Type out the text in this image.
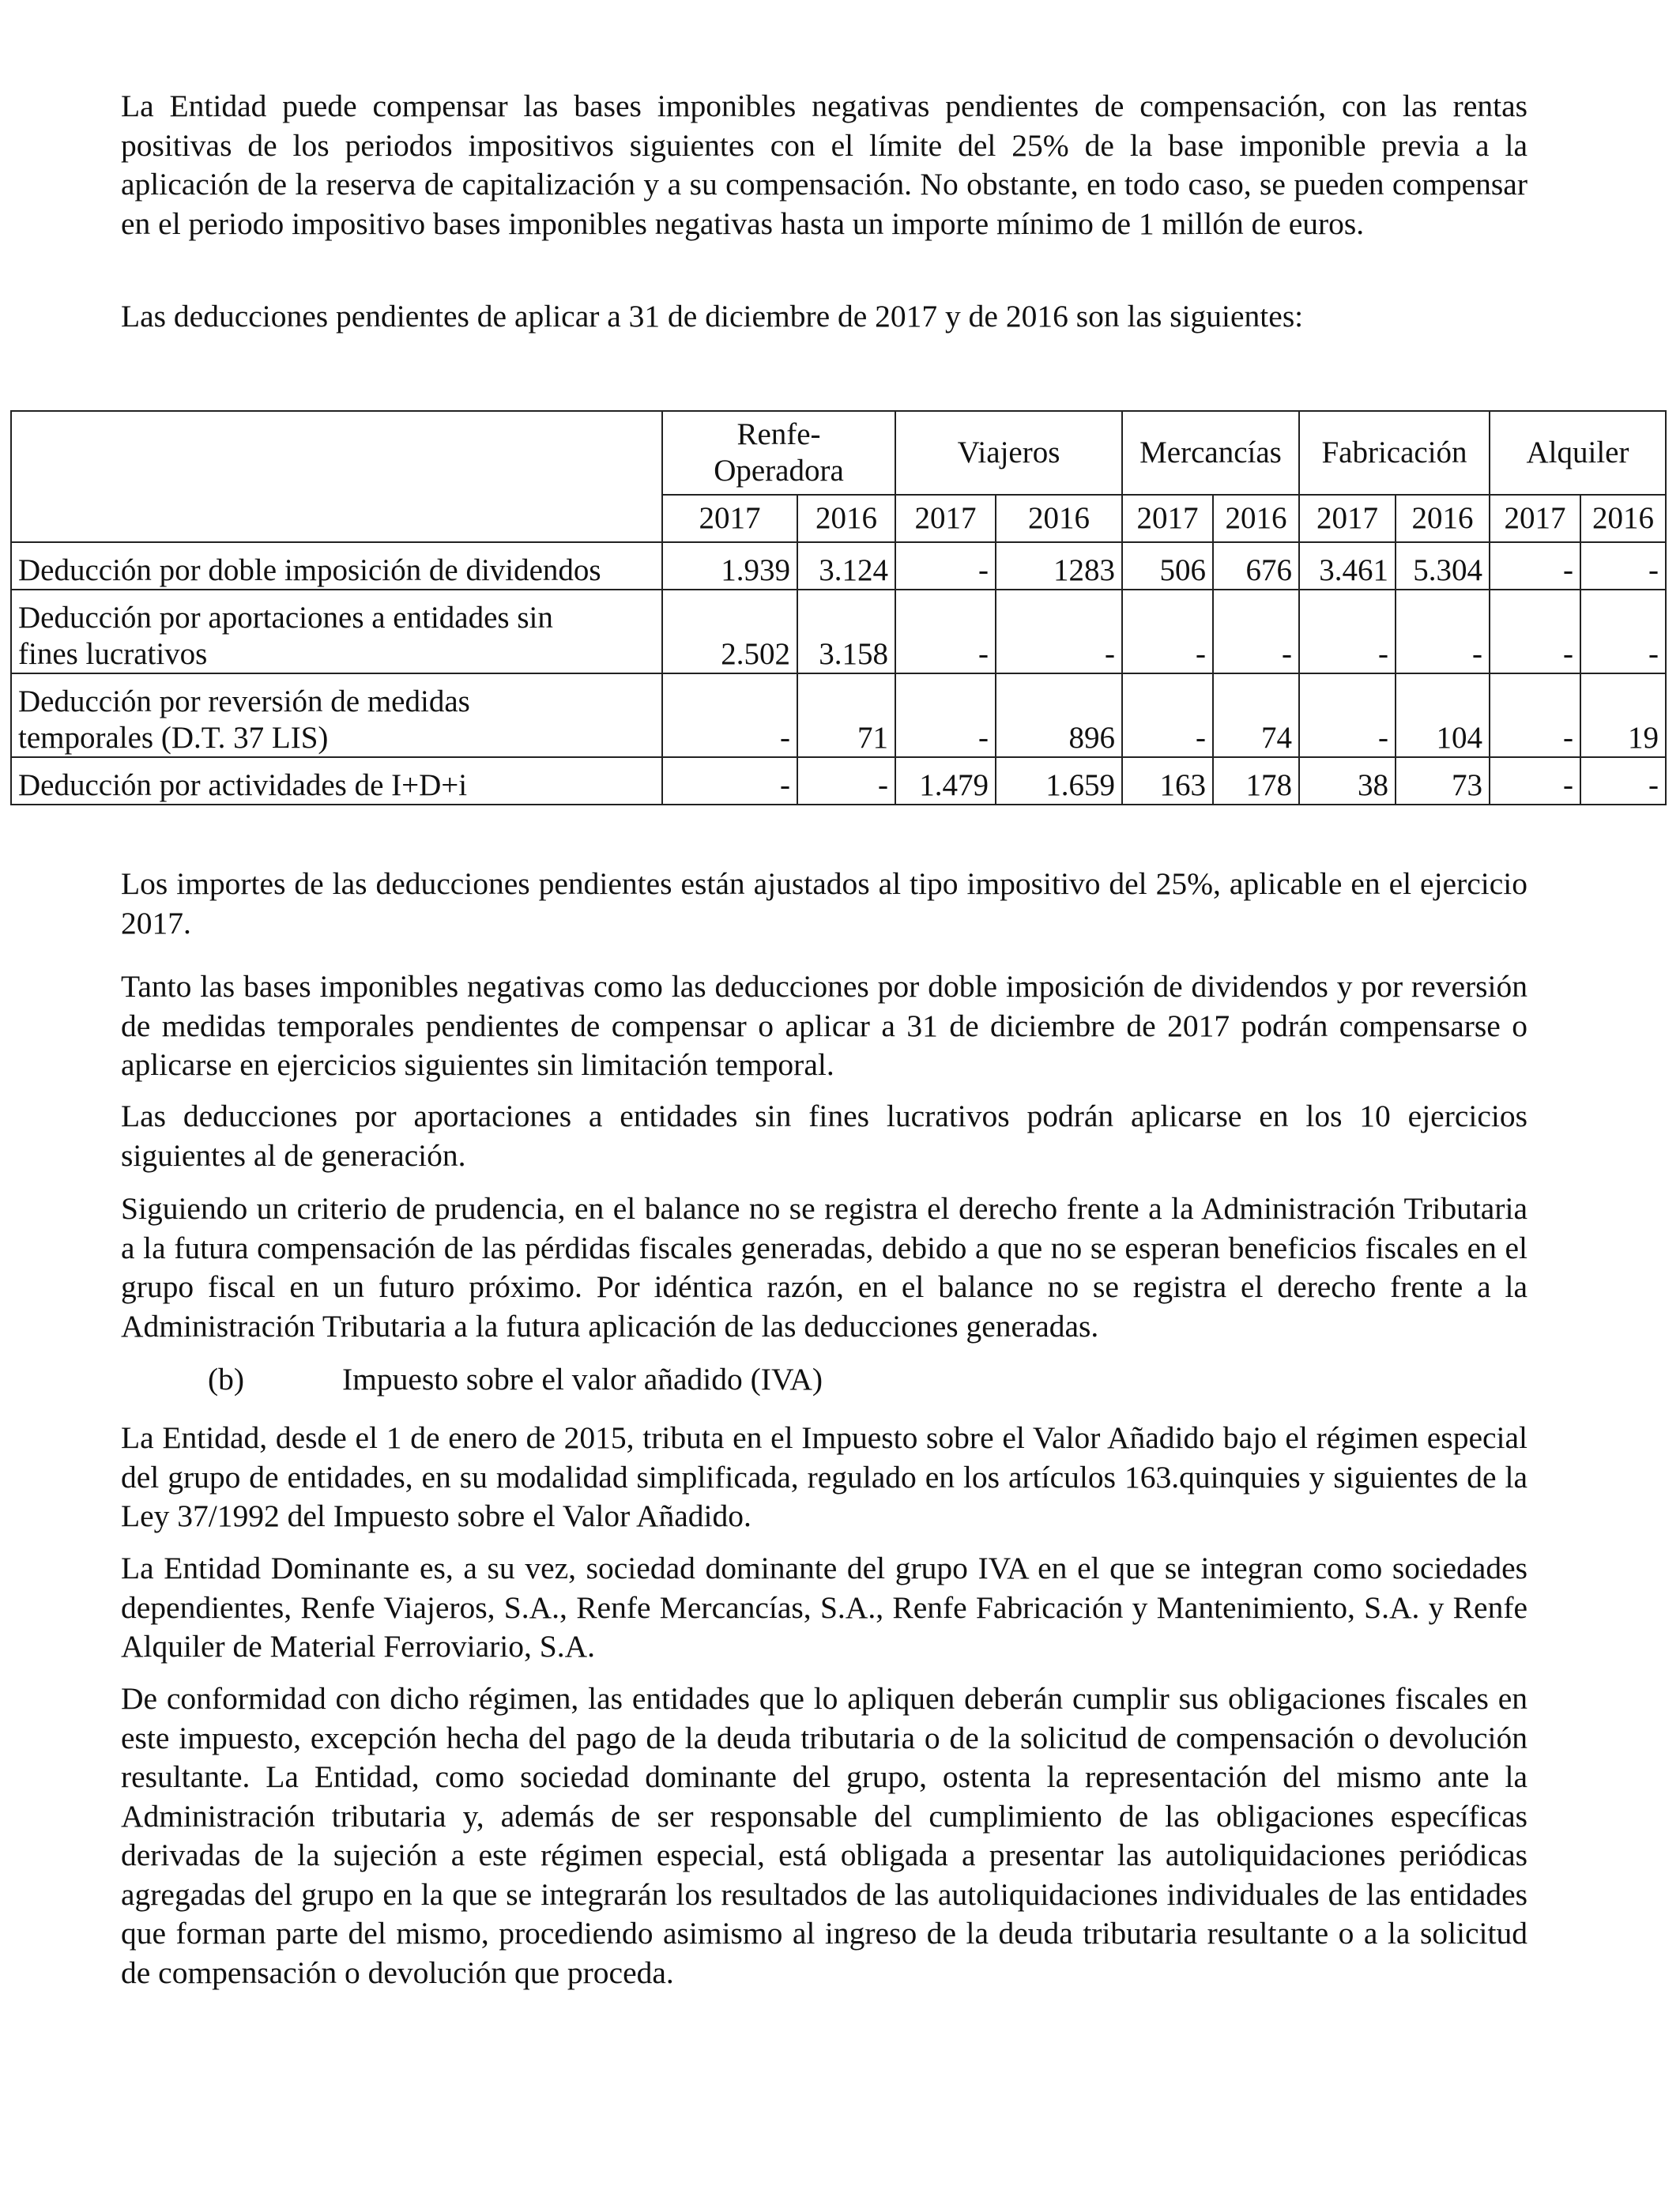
La Entidad puede compensar las bases imponibles negativas pendientes de compensación, con las rentas positivas de los periodos impositivos siguientes con el límite del 25% de la base imponible previa a la aplicación de la reserva de capitalización y a su compensación. No obstante, en todo caso, se pueden compensar en el periodo impositivo bases imponibles negativas hasta un importe mínimo de 1 millón de euros.

Las deducciones pendientes de aplicar a 31 de diciembre de 2017 y de 2016 son las siguientes:

	Renfe-
Operadora		Viajeros		Mercancías		Fabricación		Alquiler	
	2017	2016	2017	2016	2017	2016	2017	2016	2017	2016
Deducción por doble imposición de dividendos	1.939	3.124	-	1283	506	676	3.461	5.304	-	-
Deducción por aportaciones a entidades sin
fines lucrativos	2.502	3.158	-	-	-	-	-	-	-	-
Deducción por reversión de medidas
temporales (D.T. 37 LIS)	-	71	-	896	-	74	-	104	-	19
Deducción por actividades de I+D+i	-	-	1.479	1.659	163	178	38	73	-	-

Los importes de las deducciones pendientes están ajustados al tipo impositivo del 25%, aplicable en el ejercicio 2017.

Tanto las bases imponibles negativas como las deducciones por doble imposición de dividendos y por reversión de medidas temporales pendientes de compensar o aplicar a 31 de diciembre de 2017 podrán compensarse o aplicarse en ejercicios siguientes sin limitación temporal.

Las deducciones por aportaciones a entidades sin fines lucrativos podrán aplicarse en los 10 ejercicios siguientes al de generación.

Siguiendo un criterio de prudencia, en el balance no se registra el derecho frente a la Administración Tributaria a la futura compensación de las pérdidas fiscales generadas, debido a que no se esperan beneficios fiscales en el grupo fiscal en un futuro próximo. Por idéntica razón, en el balance no se registra el derecho frente a la Administración Tributaria a la futura aplicación de las deducciones generadas.

(b)	Impuesto sobre el valor añadido (IVA)

La Entidad, desde el 1 de enero de 2015, tributa en el Impuesto sobre el Valor Añadido bajo el régimen especial del grupo de entidades, en su modalidad simplificada, regulado en los artículos 163.quinquies y siguientes de la Ley 37/1992 del Impuesto sobre el Valor Añadido.

La Entidad Dominante es, a su vez, sociedad dominante del grupo IVA en el que se integran como sociedades dependientes, Renfe Viajeros, S.A., Renfe Mercancías, S.A., Renfe Fabricación y Mantenimiento, S.A. y Renfe Alquiler de Material Ferroviario, S.A.

De conformidad con dicho régimen, las entidades que lo apliquen deberán cumplir sus obligaciones fiscales en este impuesto, excepción hecha del pago de la deuda tributaria o de la solicitud de compensación o devolución resultante. La Entidad, como sociedad dominante del grupo, ostenta la representación del mismo ante la Administración tributaria y, además de ser responsable del cumplimiento de las obligaciones específicas derivadas de la sujeción a este régimen especial, está obligada a presentar las autoliquidaciones periódicas agregadas del grupo en la que se integrarán los resultados de las autoliquidaciones individuales de las entidades que forman parte del mismo, procediendo asimismo al ingreso de la deuda tributaria resultante o a la solicitud de compensación o devolución que proceda.
